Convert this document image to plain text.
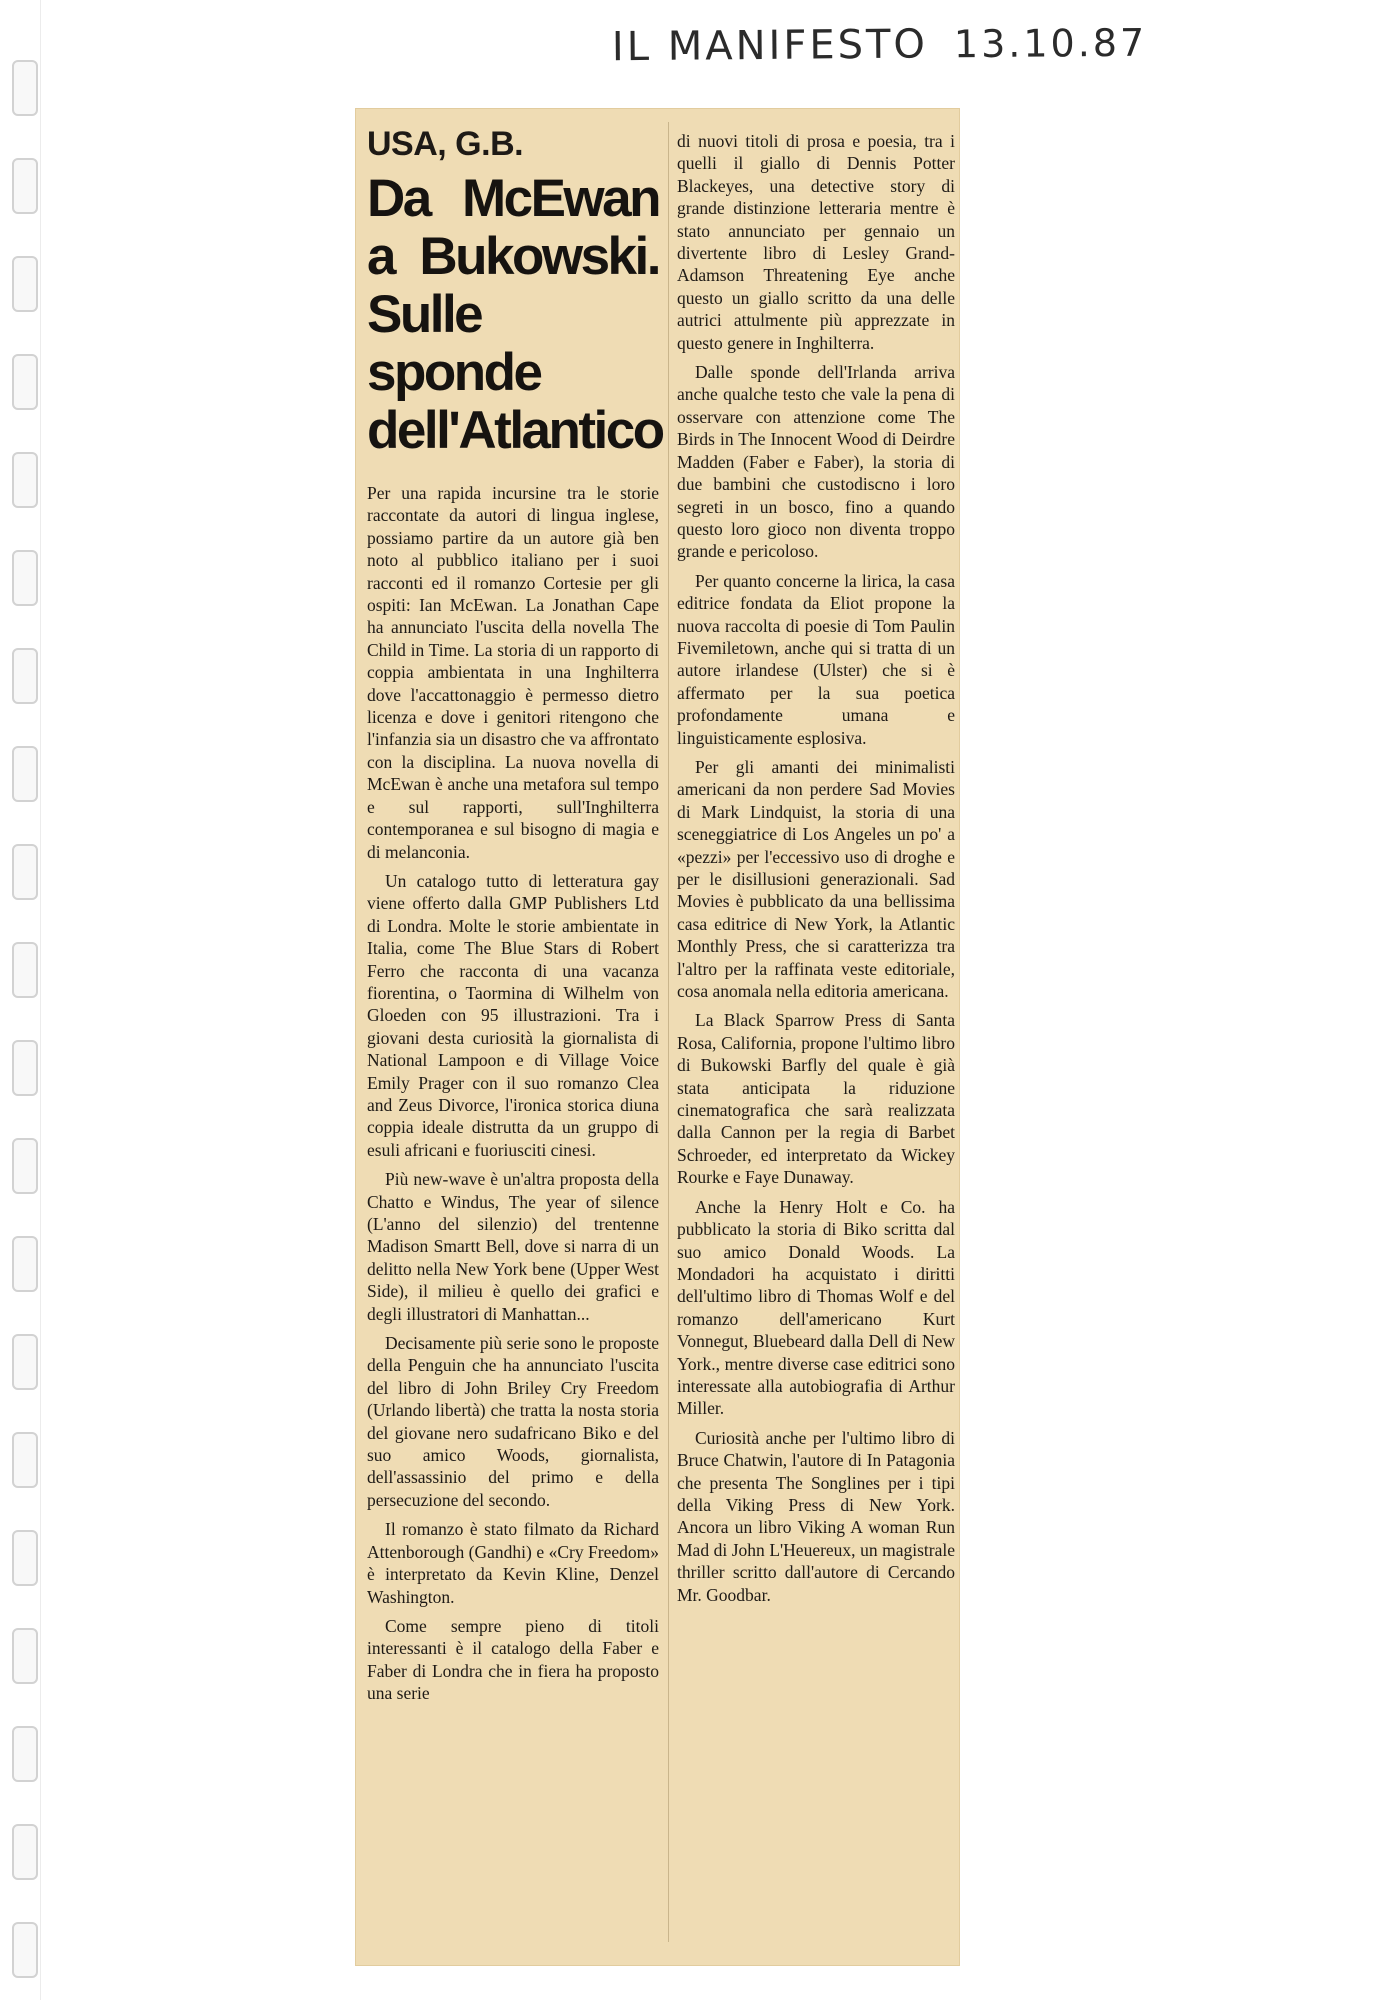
IL MANIFESTO 13.10.87
USA, G.B.
Da McEwan a Bukowski. Sulle sponde dell'Atlantico

Per una rapida incursine tra le storie raccontate da autori di lingua inglese, possiamo partire da un autore già ben noto al pubblico italiano per i suoi racconti ed il romanzo Cortesie per gli ospiti: Ian McEwan. La Jonathan Cape ha annunciato l'uscita della novella The Child in Time. La storia di un rapporto di coppia ambientata in una Inghilterra dove l'accattonaggio è permesso dietro licenza e dove i genitori ritengono che l'infanzia sia un disastro che va affrontato con la disciplina. La nuova novella di McEwan è anche una metafora sul tempo e sul rapporti, sull'Inghilterra contemporanea e sul bisogno di magia e di melanconia.

Un catalogo tutto di letteratura gay viene offerto dalla GMP Publishers Ltd di Londra. Molte le storie ambientate in Italia, come The Blue Stars di Robert Ferro che racconta di una vacanza fiorentina, o Taormina di Wilhelm von Gloeden con 95 illustrazioni. Tra i giovani desta curiosità la giornalista di National Lampoon e di Village Voice Emily Prager con il suo romanzo Clea and Zeus Divorce, l'ironica storica diuna coppia ideale distrutta da un gruppo di esuli africani e fuoriusciti cinesi.

Più new-wave è un'altra proposta della Chatto e Windus, The year of silence (L'anno del silenzio) del trentenne Madison Smartt Bell, dove si narra di un delitto nella New York bene (Upper West Side), il milieu è quello dei grafici e degli illustratori di Manhattan...

Decisamente più serie sono le proposte della Penguin che ha annunciato l'uscita del libro di John Briley Cry Freedom (Urlando libertà) che tratta la nosta storia del giovane nero sudafricano Biko e del suo amico Woods, giornalista, dell'assassinio del primo e della persecuzione del secondo.

Il romanzo è stato filmato da Richard Attenborough (Gandhi) e «Cry Freedom» è interpretato da Kevin Kline, Denzel Washington.

Come sempre pieno di titoli interessanti è il catalogo della Faber e Faber di Londra che in fiera ha proposto una serie

di nuovi titoli di prosa e poesia, tra i quelli il giallo di Dennis Potter Blackeyes, una detective story di grande distinzione letteraria mentre è stato annunciato per gennaio un divertente libro di Lesley Grand-Adamson Threatening Eye anche questo un giallo scritto da una delle autrici attulmente più apprezzate in questo genere in Inghilterra.

Dalle sponde dell'Irlanda arriva anche qualche testo che vale la pena di osservare con attenzione come The Birds in The Innocent Wood di Deirdre Madden (Faber e Faber), la storia di due bambini che custodiscno i loro segreti in un bosco, fino a quando questo loro gioco non diventa troppo grande e pericoloso.

Per quanto concerne la lirica, la casa editrice fondata da Eliot propone la nuova raccolta di poesie di Tom Paulin Fivemiletown, anche qui si tratta di un autore irlandese (Ulster) che si è affermato per la sua poetica profondamente umana e linguisticamente esplosiva.

Per gli amanti dei minimalisti americani da non perdere Sad Movies di Mark Lindquist, la storia di una sceneggiatrice di Los Angeles un po' a «pezzi» per l'eccessivo uso di droghe e per le disillusioni generazionali. Sad Movies è pubblicato da una bellissima casa editrice di New York, la Atlantic Monthly Press, che si caratterizza tra l'altro per la raffinata veste editoriale, cosa anomala nella editoria americana.

La Black Sparrow Press di Santa Rosa, California, propone l'ultimo libro di Bukowski Barfly del quale è già stata anticipata la riduzione cinematografica che sarà realizzata dalla Cannon per la regia di Barbet Schroeder, ed interpretato da Wickey Rourke e Faye Dunaway.

Anche la Henry Holt e Co. ha pubblicato la storia di Biko scritta dal suo amico Donald Woods. La Mondadori ha acquistato i diritti dell'ultimo libro di Thomas Wolf e del romanzo dell'americano Kurt Vonnegut, Bluebeard dalla Dell di New York., mentre diverse case editrici sono interessate alla autobiografia di Arthur Miller.

Curiosità anche per l'ultimo libro di Bruce Chatwin, l'autore di In Patagonia che presenta The Songlines per i tipi della Viking Press di New York. Ancora un libro Viking A woman Run Mad di John L'Heuereux, un magistrale thriller scritto dall'autore di Cercando Mr. Goodbar.
